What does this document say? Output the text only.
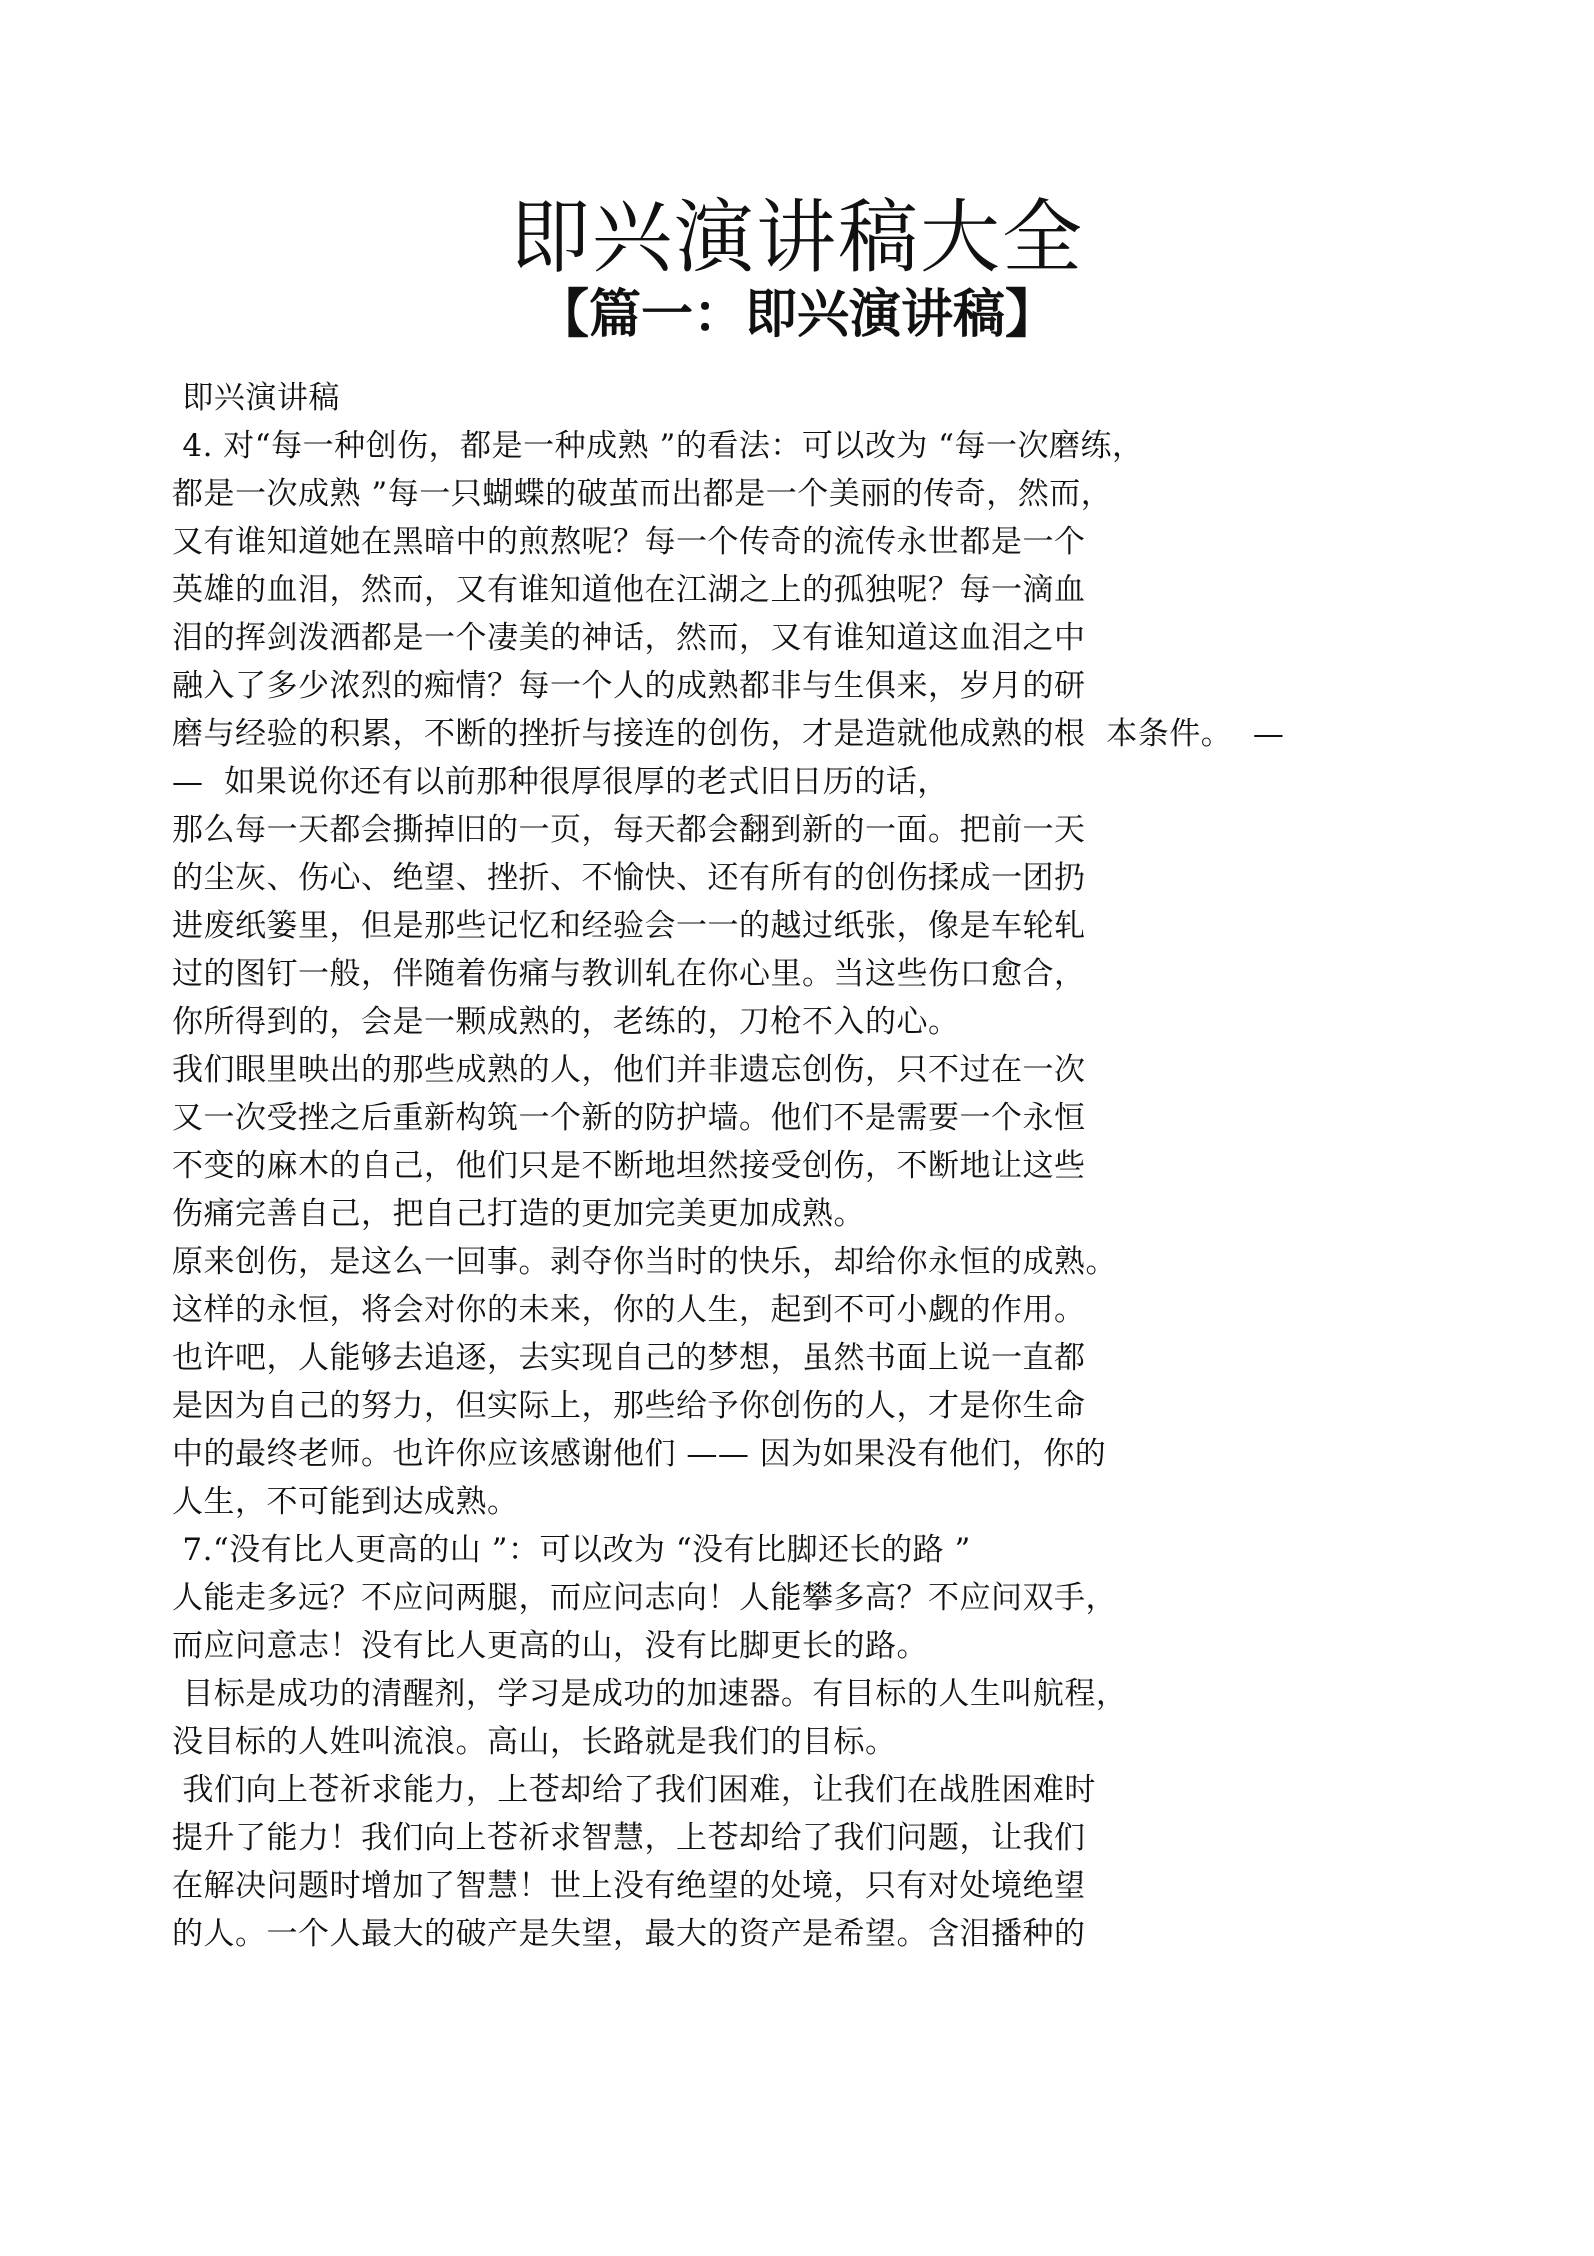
即兴演讲稿大全
【篇一：即兴演讲稿】
即兴演讲稿
4. 对“每一种创伤，都是一种成熟 ”的看法：可以改为 “每一次磨练，
都是一次成熟 ”每一只蝴蝶的破茧而出都是一个美丽的传奇，然而，
又有谁知道她在黑暗中的煎熬呢？每一个传奇的流传永世都是一个
英雄的血泪，然而，又有谁知道他在江湖之上的孤独呢？每一滴血
泪的挥剑泼洒都是一个凄美的神话，然而，又有谁知道这血泪之中
融入了多少浓烈的痴情？每一个人的成熟都非与生俱来，岁月的研
磨与经验的积累，不断的挫折与接连的创伤，才是造就他成熟的根  本条件。  —
—  如果说你还有以前那种很厚很厚的老式旧日历的话，
那么每一天都会撕掉旧的一页，每天都会翻到新的一面。把前一天
的尘灰、伤心、绝望、挫折、不愉快、还有所有的创伤揉成一团扔
进废纸篓里，但是那些记忆和经验会一一的越过纸张，像是车轮轧
过的图钉一般，伴随着伤痛与教训轧在你心里。当这些伤口愈合，
你所得到的，会是一颗成熟的，老练的，刀枪不入的心。
我们眼里映出的那些成熟的人，他们并非遗忘创伤，只不过在一次
又一次受挫之后重新构筑一个新的防护墙。他们不是需要一个永恒
不变的麻木的自己，他们只是不断地坦然接受创伤，不断地让这些
伤痛完善自己，把自己打造的更加完美更加成熟。
原来创伤，是这么一回事。剥夺你当时的快乐，却给你永恒的成熟。
这样的永恒，将会对你的未来，你的人生，起到不可小觑的作用。
也许吧，人能够去追逐，去实现自己的梦想，虽然书面上说一直都
是因为自己的努力，但实际上，那些给予你创伤的人，才是你生命
中的最终老师。也许你应该感谢他们 —— 因为如果没有他们，你的
人生，不可能到达成熟。
7.“没有比人更高的山 ”：可以改为 “没有比脚还长的路 ”
人能走多远？不应问两腿，而应问志向！人能攀多高？不应问双手，
而应问意志！没有比人更高的山，没有比脚更长的路。
目标是成功的清醒剂，学习是成功的加速器。有目标的人生叫航程，
没目标的人姓叫流浪。高山，长路就是我们的目标。
我们向上苍祈求能力，上苍却给了我们困难，让我们在战胜困难时
提升了能力！我们向上苍祈求智慧，上苍却给了我们问题，让我们
在解决问题时增加了智慧！世上没有绝望的处境，只有对处境绝望
的人。一个人最大的破产是失望，最大的资产是希望。含泪播种的
